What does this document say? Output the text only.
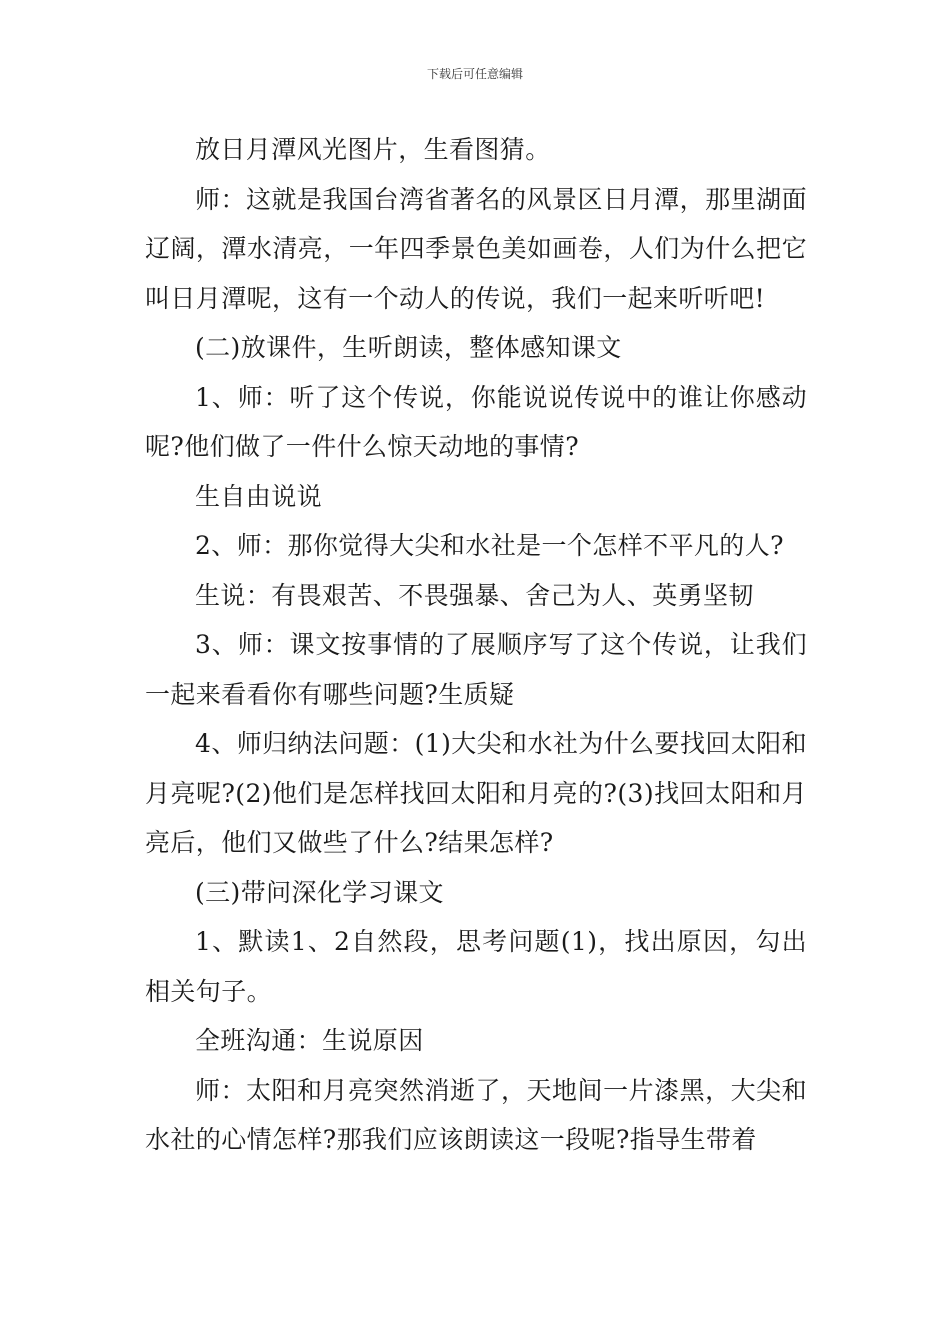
下载后可任意编辑

放日月潭风光图片，生看图猜。

师：这就是我国台湾省著名的风景区日月潭，那里湖面辽阔，潭水清亮，一年四季景色美如画卷，人们为什么把它叫日月潭呢，这有一个动人的传说，我们一起来听听吧!

(二)放课件，生听朗读，整体感知课文

1、师：听了这个传说，你能说说传说中的谁让你感动呢?他们做了一件什么惊天动地的事情?

生自由说说

2、师：那你觉得大尖和水社是一个怎样不平凡的人?

生说：有畏艰苦、不畏强暴、舍己为人、英勇坚韧

3、师：课文按事情的了展顺序写了这个传说，让我们一起来看看你有哪些问题?生质疑

4、师归纳法问题：(1)大尖和水社为什么要找回太阳和月亮呢?(2)他们是怎样找回太阳和月亮的?(3)找回太阳和月亮后，他们又做些了什么?结果怎样?

(三)带问深化学习课文

1、默读1、2自然段，思考问题(1)，找出原因，勾出相关句子。

全班沟通：生说原因

师：太阳和月亮突然消逝了，天地间一片漆黑，大尖和水社的心情怎样?那我们应该朗读这一段呢?指导生带着
